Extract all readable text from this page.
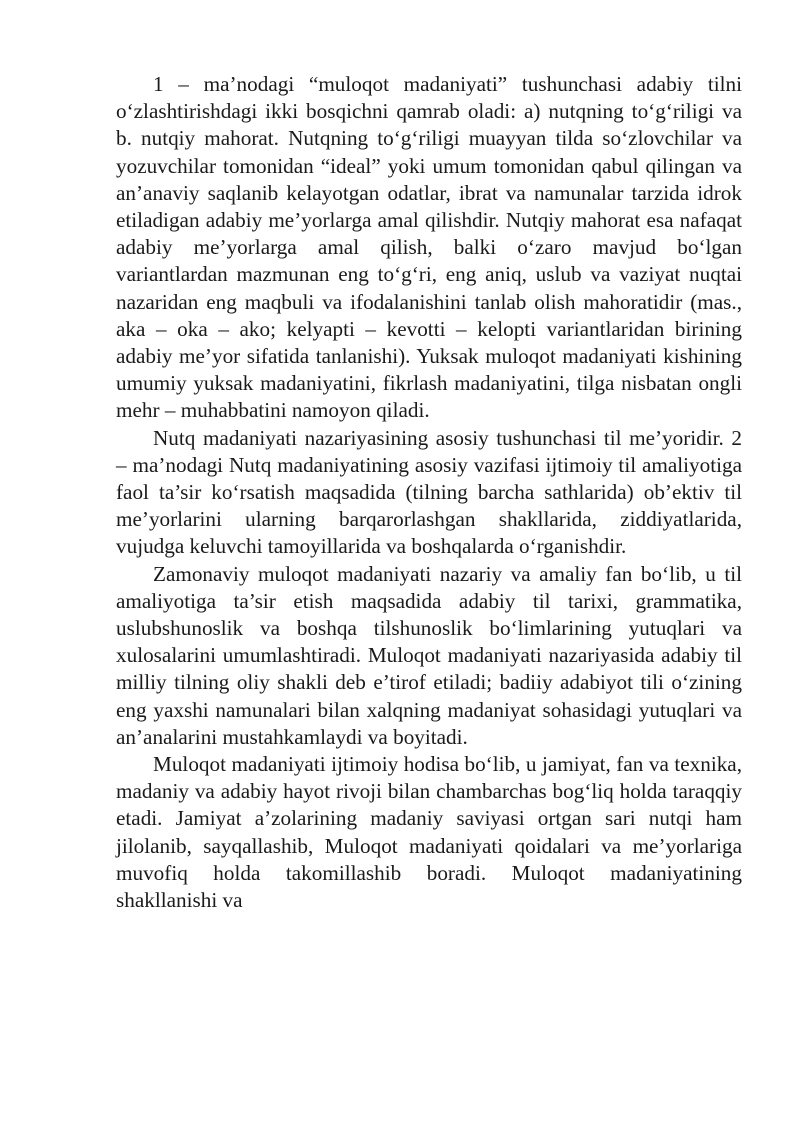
1 – ma’nodagi “muloqot madaniyati” tushunchasi adabiy tilni o‘zlashtirishdagi ikki bosqichni qamrab oladi: a) nutqning to‘g‘riligi va b. nutqiy mahorat. Nutqning to‘g‘riligi muayyan tilda so‘zlovchilar va yozuvchilar tomonidan “ideal” yoki umum tomonidan qabul qilingan va an’anaviy saqlanib kelayotgan odatlar, ibrat va namunalar tarzida idrok etiladigan adabiy me’yorlarga amal qilishdir. Nutqiy mahorat esa nafaqat adabiy me’yorlarga amal qilish, balki o‘zaro mavjud bo‘lgan variantlardan mazmunan eng to‘g‘ri, eng aniq, uslub va vaziyat nuqtai nazaridan eng maqbuli va ifodalanishini tanlab olish mahoratidir (mas., aka – oka – ako; kelyapti – kevotti – kelopti variantlaridan birining adabiy me’yor sifatida tanlanishi). Yuksak muloqot madaniyati kishining umumiy yuksak madaniyatini, fikrlash madaniyatini, tilga nisbatan ongli mehr – muhabbatini namoyon qiladi.

Nutq madaniyati nazariyasining asosiy tushunchasi til me’yoridir. 2 – ma’nodagi Nutq madaniyatining asosiy vazifasi ijtimoiy til amaliyotiga faol ta’sir ko‘rsatish maqsadida (tilning barcha sathlarida) ob’ektiv til me’yorlarini ularning barqarorlashgan shakllarida, ziddiyatlarida, vujudga keluvchi tamoyillarida va boshqalarda o‘rganishdir.

Zamonaviy muloqot madaniyati nazariy va amaliy fan bo‘lib, u til amaliyotiga ta’sir etish maqsadida adabiy til tarixi, grammatika, uslubshunoslik va boshqa tilshunoslik bo‘limlarining yutuqlari va xulosalarini umumlashtiradi. Muloqot madaniyati nazariyasida adabiy til milliy tilning oliy shakli deb e’tirof etiladi; badiiy adabiyot tili o‘zining eng yaxshi namunalari bilan xalqning madaniyat sohasidagi yutuqlari va an’analarini mustahkamlaydi va boyitadi.

Muloqot madaniyati ijtimoiy hodisa bo‘lib, u jamiyat, fan va texnika, madaniy va adabiy hayot rivoji bilan chambarchas bog‘liq holda taraqqiy etadi. Jamiyat a’zolarining madaniy saviyasi ortgan sari nutqi ham jilolanib, sayqallashib, Muloqot madaniyati qoidalari va me’yorlariga muvofiq holda takomillashib boradi. Muloqot madaniyatining shakllanishi va
